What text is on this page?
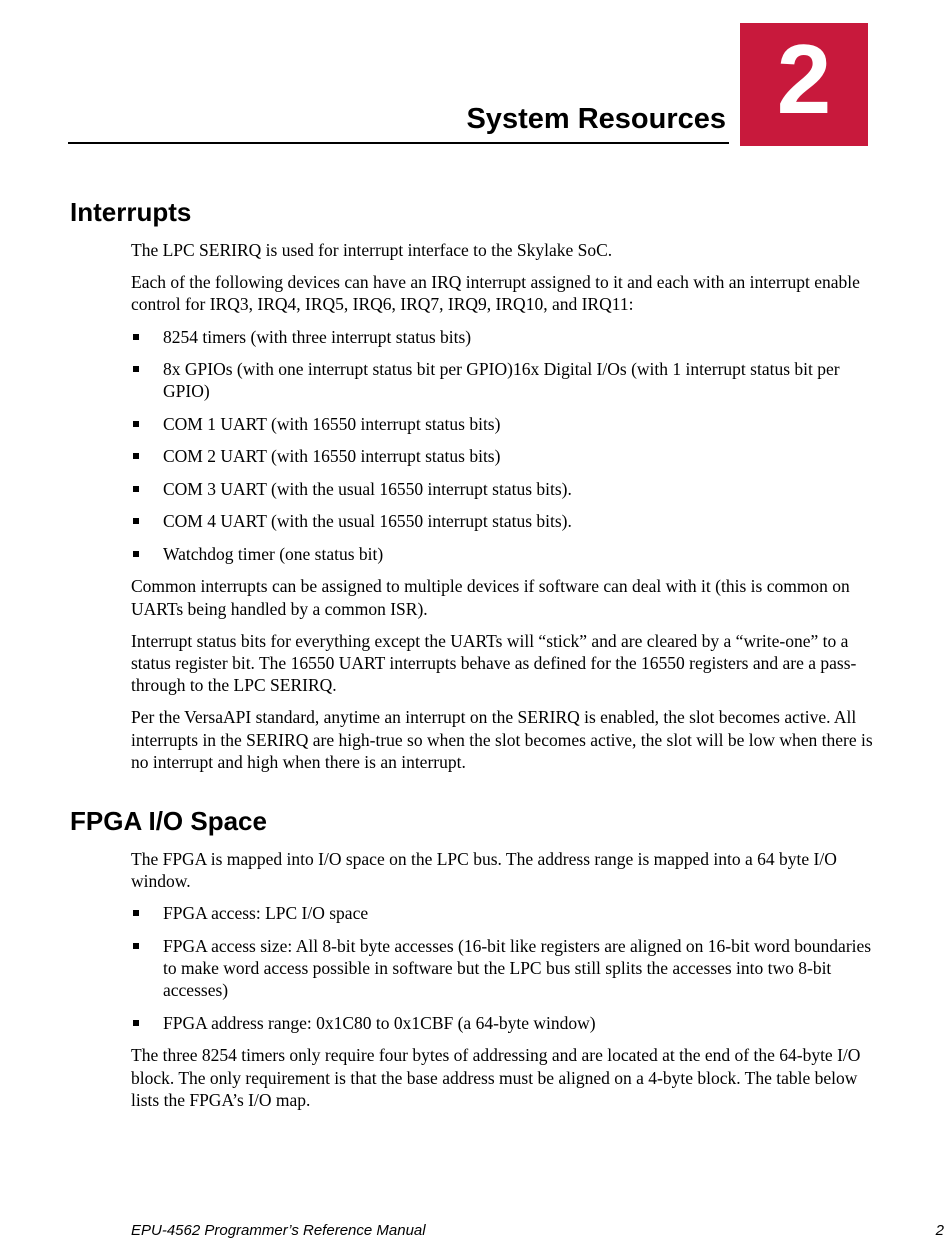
2
System Resources
Interrupts

The LPC SERIRQ is used for interrupt interface to the Skylake SoC.

Each of the following devices can have an IRQ interrupt assigned to it and each with an interrupt enable control for IRQ3, IRQ4, IRQ5, IRQ6, IRQ7, IRQ9, IRQ10, and IRQ11:

8254 timers (with three interrupt status bits)
8x GPIOs (with one interrupt status bit per GPIO)16x Digital I/Os (with 1 interrupt status bit per GPIO)
COM 1 UART (with 16550 interrupt status bits)
COM 2 UART (with 16550 interrupt status bits)
COM 3 UART (with the usual 16550 interrupt status bits).
COM 4 UART (with the usual 16550 interrupt status bits).
Watchdog timer (one status bit)

Common interrupts can be assigned to multiple devices if software can deal with it (this is common on UARTs being handled by a common ISR).

Interrupt status bits for everything except the UARTs will “stick” and are cleared by a “write-one” to a status register bit. The 16550 UART interrupts behave as defined for the 16550 registers and are a pass-through to the LPC SERIRQ.

Per the VersaAPI standard, anytime an interrupt on the SERIRQ is enabled, the slot becomes active. All interrupts in the SERIRQ are high-true so when the slot becomes active, the slot will be low when there is no interrupt and high when there is an interrupt.

FPGA I/O Space

The FPGA is mapped into I/O space on the LPC bus. The address range is mapped into a 64 byte I/O window.

FPGA access: LPC I/O space
FPGA access size: All 8-bit byte accesses (16-bit like registers are aligned on 16-bit word boundaries to make word access possible in software but the LPC bus still splits the accesses into two 8-bit accesses)
FPGA address range: 0x1C80 to 0x1CBF (a 64-byte window)

The three 8254 timers only require four bytes of addressing and are located at the end of the 64-byte I/O block. The only requirement is that the base address must be aligned on a 4-byte block. The table below lists the FPGA’s I/O map.

EPU-4562 Programmer’s Reference Manual	2
